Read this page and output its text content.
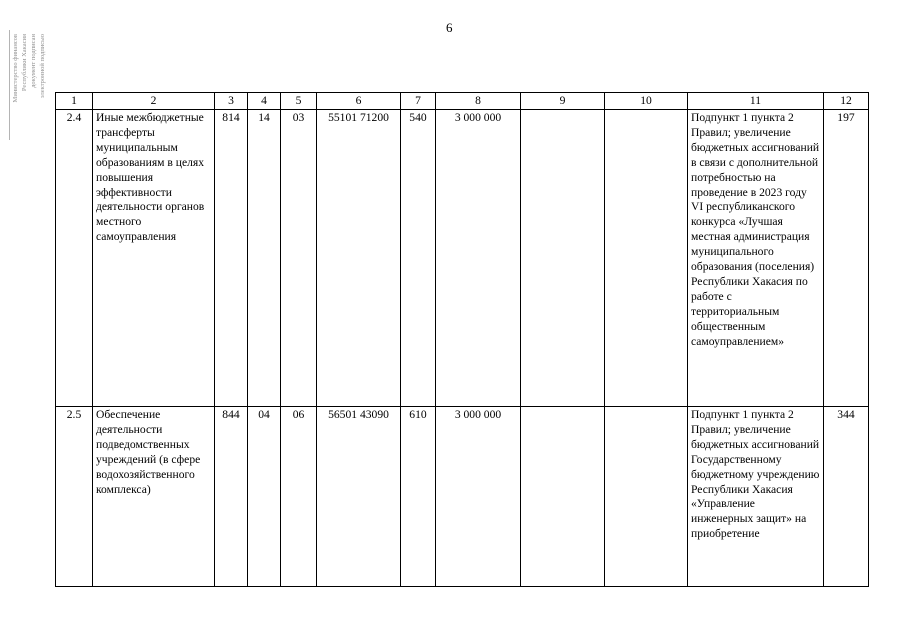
6
Министерство финансов Республики Хакасия документ подписан электронной подписью
1	2	3	4	5	6	7	8	9	10	11	12
2.4	Иные межбюджетные трансферты муниципальным образованиям в целях повышения эффективности деятельности органов местного самоуправления	814	14	03	55101 71200	540	3 000 000			Подпункт 1 пункта 2 Правил; увеличение бюджетных ассигнований в связи с дополнительной потребностью на проведение в 2023 году VI республиканского конкурса «Лучшая местная администрация муниципального образования (поселения) Республики Хакасия по работе с территориальным общественным самоуправлением»	197
2.5	Обеспечение деятельности подведомственных учреждений (в сфере водохозяйственного комплекса)	844	04	06	56501 43090	610	3 000 000			Подпункт 1 пункта 2 Правил; увеличение бюджетных ассигнований Государственному бюджетному учреждению Республики Хакасия «Управление инженерных защит» на приобретение	344
